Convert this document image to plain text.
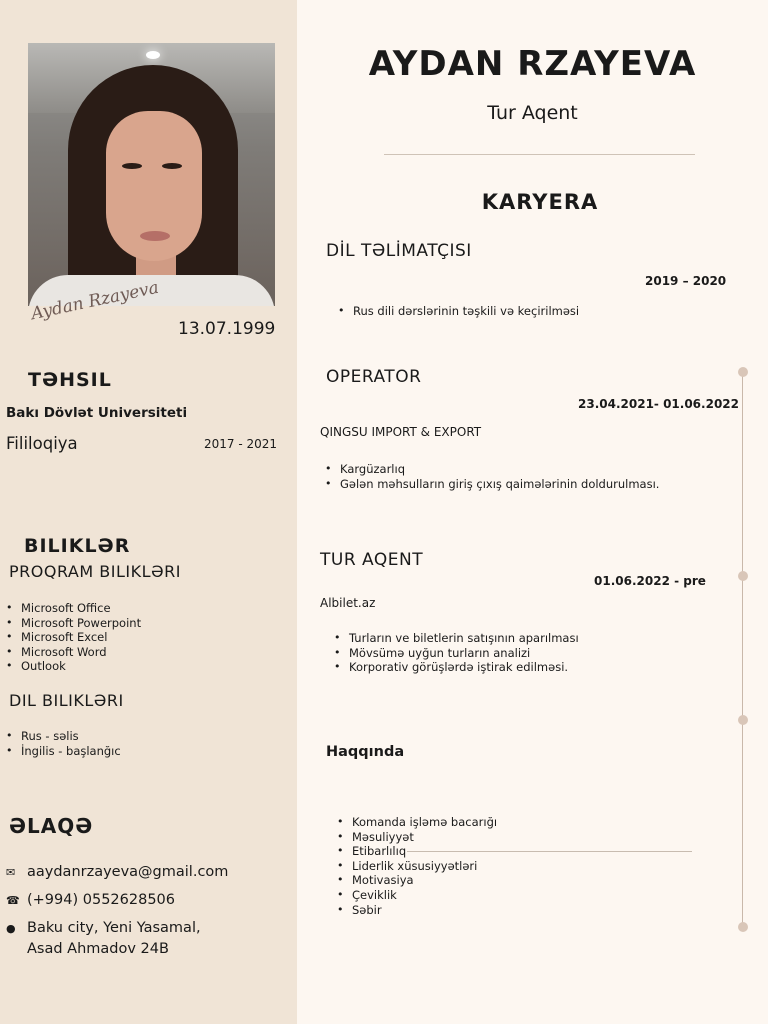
Aydan Rzayeva
13.07.1999
TƏHSIL
Bakı Dövlət Universiteti
Fililoqiya	2017 - 2021
BILIKLƏR
PROQRAM BILIKLƏRI
• Microsoft Office
• Microsoft Powerpoint
• Microsoft Excel
• Microsoft Word
• Outlook
DIL BILIKLƏRI
• Rus - səlis
• İngilis - başlanğıc
ƏLAQƏ
✉ aaydanrzayeva@gmail.com
☎ (+994) 0552628506
● Baku city, Yeni Yasamal,
Asad Ahmadov 24B
AYDAN RZAYEVA
Tur Aqent
KARYERA
DİL TƏLİMATÇISI
2019 – 2020
• Rus dili dərslərinin təşkili və keçirilməsi
OPERATOR
23.04.2021- 01.06.2022
QINGSU IMPORT & EXPORT
• Kargüzarlıq
• Gələn məhsulların giriş çıxış qaimələrinin doldurulması.
TUR AQENT
01.06.2022 - pre
Albilet.az
• Turların ve biletlerin satışının aparılması
• Mövsümə uyğun turların analizi
• Korporativ görüşlərdə iştirak edilməsi.
Haqqında
• Komanda işləmə bacarığı
• Məsuliyyət
• Etibarlılıq
• Liderlik xüsusiyyətləri
• Motivasiya
• Çeviklik
• Səbir
